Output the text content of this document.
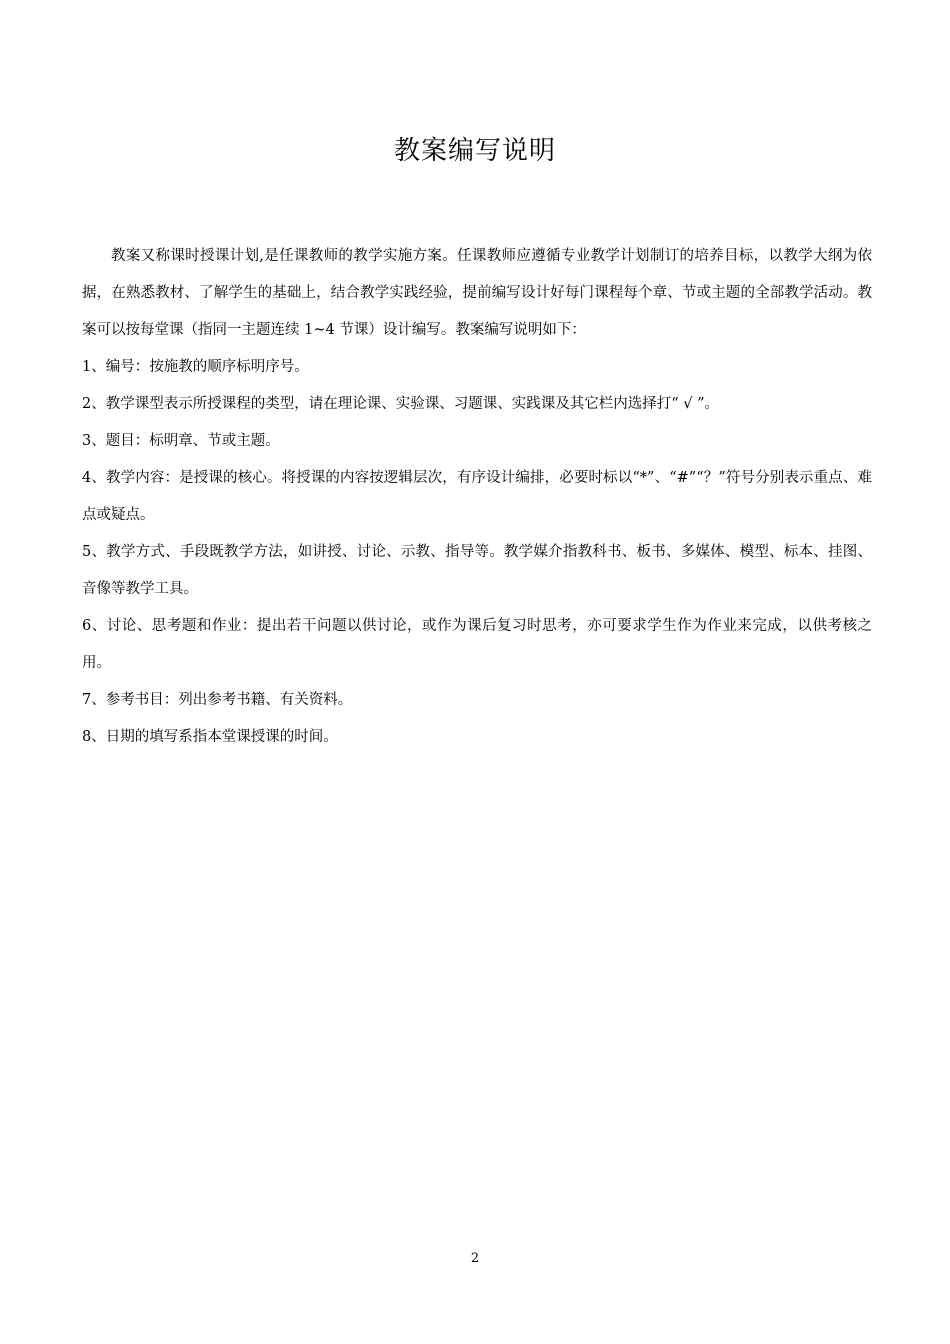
教案编写说明

教案又称课时授课计划,是任课教师的教学实施方案。任课教师应遵循专业教学计划制订的培养目标，以教学大纲为依据，在熟悉教材、了解学生的基础上，结合教学实践经验，提前编写设计好每门课程每个章、节或主题的全部教学活动。教案可以按每堂课（指同一主题连续 1~4 节课）设计编写。教案编写说明如下：

1、编号：按施教的顺序标明序号。

2、教学课型表示所授课程的类型，请在理论课、实验课、习题课、实践课及其它栏内选择打“ √ ”。

3、题目：标明章、节或主题。

4、教学内容：是授课的核心。将授课的内容按逻辑层次，有序设计编排，必要时标以“*”、“#”“？”符号分别表示重点、难点或疑点。

5、教学方式、手段既教学方法，如讲授、讨论、示教、指导等。教学媒介指教科书、板书、多媒体、模型、标本、挂图、音像等教学工具。

6、讨论、思考题和作业：提出若干问题以供讨论，或作为课后复习时思考，亦可要求学生作为作业来完成，以供考核之用。

7、参考书目：列出参考书籍、有关资料。

8、日期的填写系指本堂课授课的时间。

2
